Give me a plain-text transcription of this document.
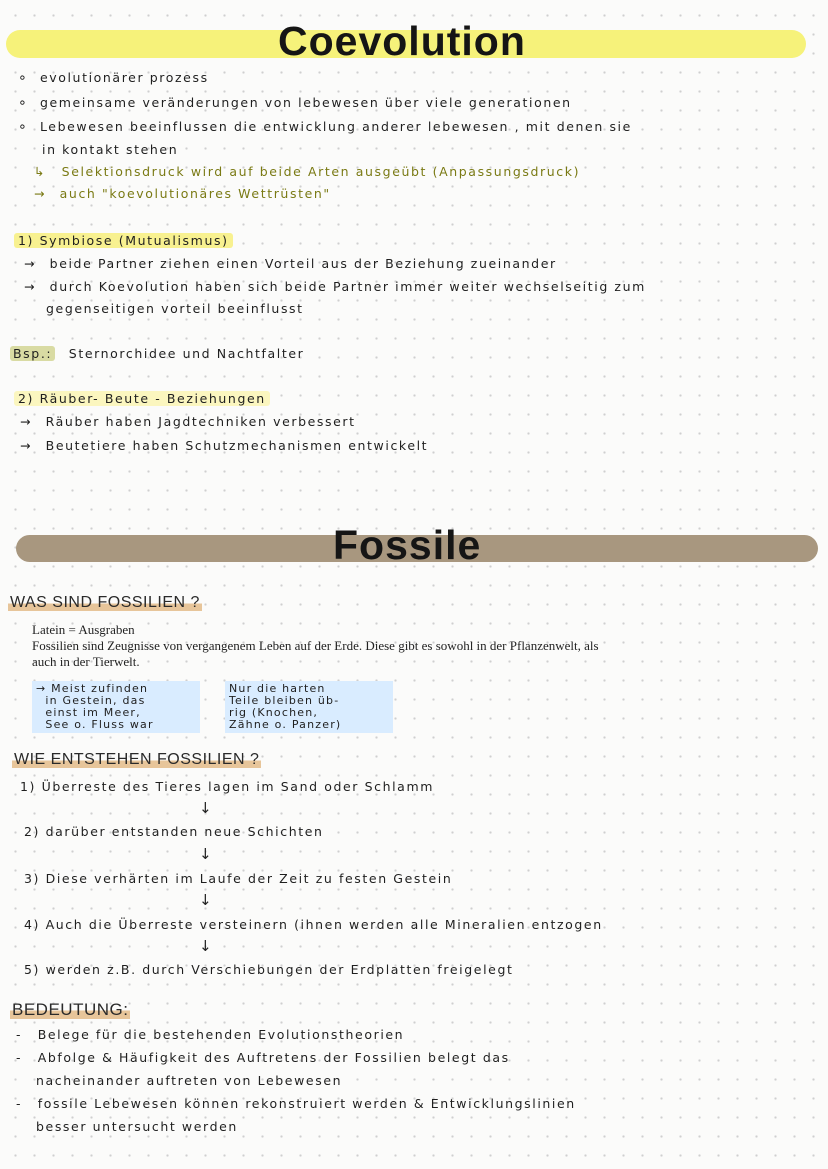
Coevolution
∘ evolutionärer prozess
∘ gemeinsame veränderungen von lebewesen über viele generationen
∘ Lebewesen beeinflussen die entwicklung anderer lebewesen , mit denen sie
in kontakt stehen
↳ Selektionsdruck wird auf beide Arten ausgeübt (Anpassungsdruck)
→ auch "koevolutionäres Wettrüsten"
1) Symbiose (Mutualismus)
→ beide Partner ziehen einen Vorteil aus der Beziehung zueinander
→ durch Koevolution haben sich beide Partner immer weiter wechselseitig zum
gegenseitigen vorteil beeinflusst
Bsp.: Sternorchidee und Nachtfalter
2) Räuber- Beute - Beziehungen
→ Räuber haben Jagdtechniken verbessert
→ Beutetiere haben Schutzmechanismen entwickelt
Fossile
WAS SIND FOSSILIEN ?
Latein = Ausgraben
Fossilien sind Zeugnisse von vergangenem Leben auf der Erde. Diese gibt es sowohl in der Pflanzenwelt, als
auch in der Tierwelt.
→ Meist zufinden
in Gestein, das
einst im Meer,
See o. Fluss war
Nur die harten
Teile bleiben üb-
rig (Knochen,
Zähne o. Panzer)
WIE ENTSTEHEN FOSSILIEN ?
1) Überreste des Tieres lagen im Sand oder Schlamm
↓
2) darüber entstanden neue Schichten
↓
3) Diese verhärten im Laufe der Zeit zu festen Gestein
↓
4) Auch die Überreste versteinern (ihnen werden alle Mineralien entzogen
↓
5) werden z.B. durch Verschiebungen der Erdplatten freigelegt
BEDEUTUNG:
- Belege für die bestehenden Evolutionstheorien
- Abfolge & Häufigkeit des Auftretens der Fossilien belegt das
nacheinander auftreten von Lebewesen
- fossile Lebewesen können rekonstruiert werden & Entwicklungslinien
besser untersucht werden
